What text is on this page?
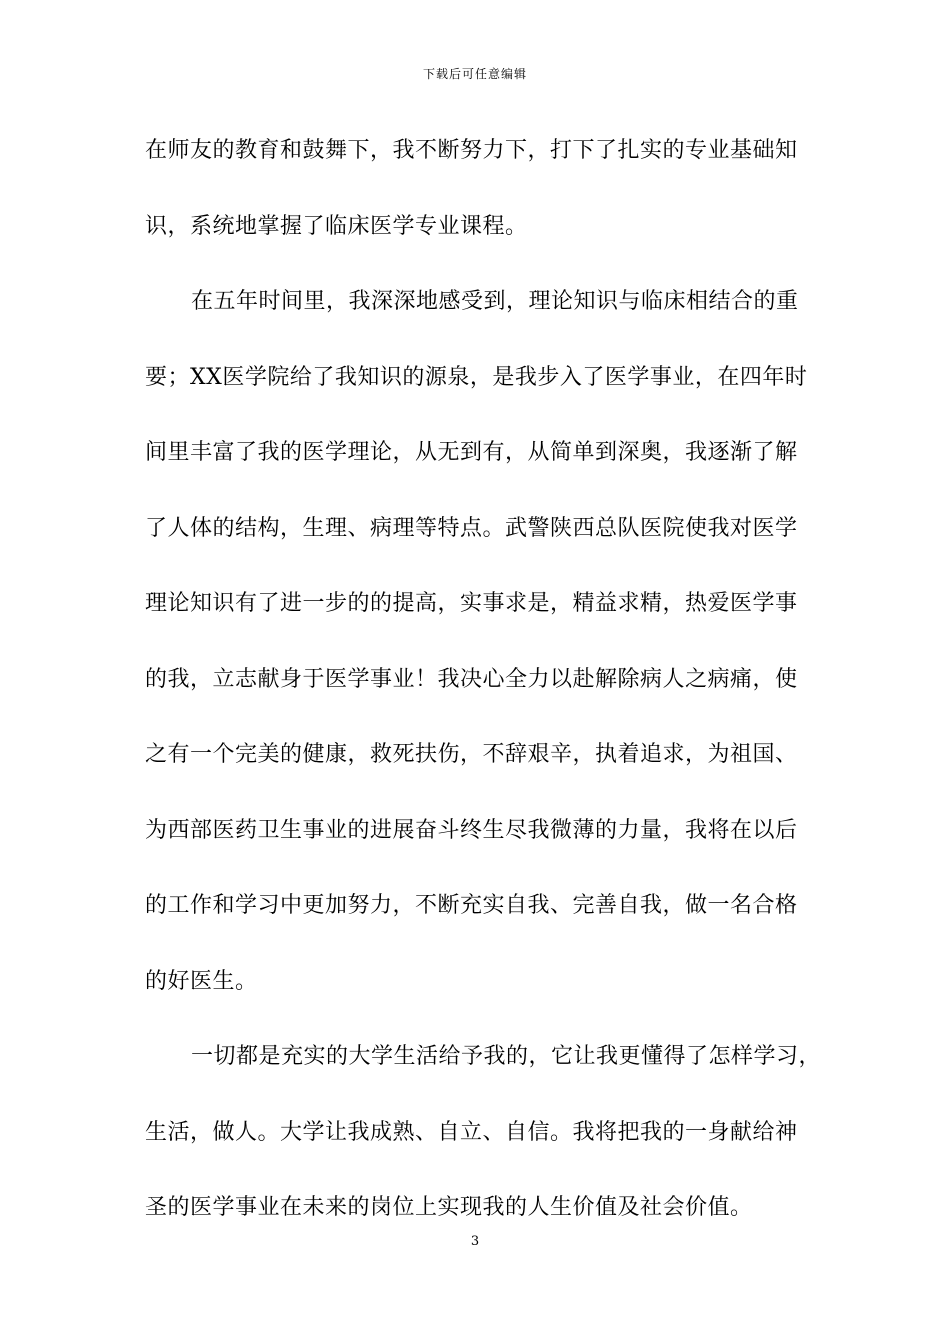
下载后可任意编辑
在师友的教育和鼓舞下，我不断努力下，打下了扎实的专业基础知
识，系统地掌握了临床医学专业课程。
在五年时间里，我深深地感受到，理论知识与临床相结合的重
要；XX医学院给了我知识的源泉，是我步入了医学事业，在四年时
间里丰富了我的医学理论，从无到有，从简单到深奥，我逐渐了解
了人体的结构，生理、病理等特点。武警陕西总队医院使我对医学
理论知识有了进一步的的提高，实事求是，精益求精，热爱医学事
的我，立志献身于医学事业！我决心全力以赴解除病人之病痛，使
之有一个完美的健康，救死扶伤，不辞艰辛，执着追求，为祖国、
为西部医药卫生事业的进展奋斗终生尽我微薄的力量，我将在以后
的工作和学习中更加努力，不断充实自我、完善自我，做一名合格
的好医生。
一切都是充实的大学生活给予我的，它让我更懂得了怎样学习，
生活，做人。大学让我成熟、自立、自信。我将把我的一身献给神
圣的医学事业在未来的岗位上实现我的人生价值及社会价值。
3
